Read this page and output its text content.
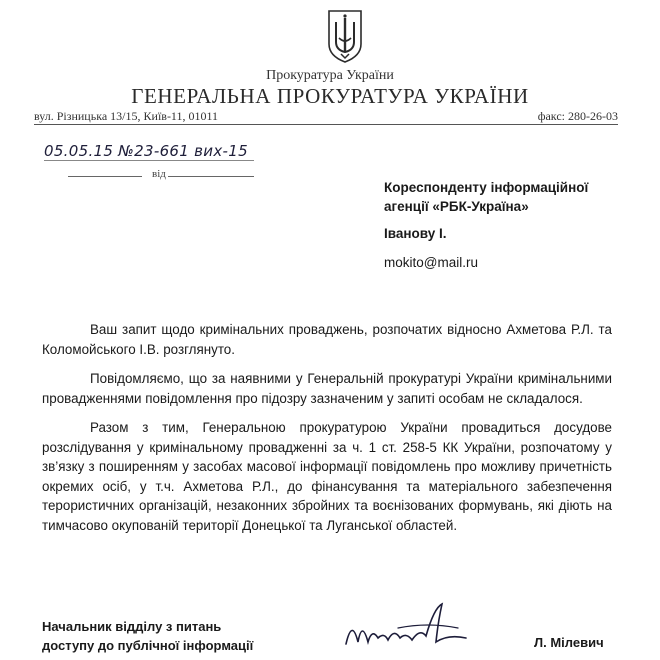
Прокуратура України
ГЕНЕРАЛЬНА ПРОКУРАТУРА УКРАЇНИ
вул. Різницька 13/15, Київ-11, 01011	факс: 280-26-03
05.05.15 №23-661 вих-15
від
Кореспонденту інформаційної
агенції «РБК-Україна»
Іванову І.
mokito@mail.ru

Ваш запит щодо кримінальних проваджень, розпочатих відносно Ахметова Р.Л. та Коломойського І.В. розглянуто.

Повідомляємо, що за наявними у Генеральній прокуратурі України кримінальними провадженнями повідомлення про підозру зазначеним у запиті особам не складалося.

Разом з тим, Генеральною прокуратурою України провадиться досудове розслідування у кримінальному провадженні за ч. 1 ст. 258-5 КК України, розпочатому у зв’язку з поширенням у засобах масової інформації повідомлень про можливу причетність окремих осіб, у т.ч. Ахметова Р.Л., до фінансування та матеріального забезпечення терористичних організацій, незаконних збройних та воєнізованих формувань, які діють на тимчасово окупованій території Донецької та Луганської областей.

Начальник відділу з питань
доступу до публічної інформації	Л. Мілевич
